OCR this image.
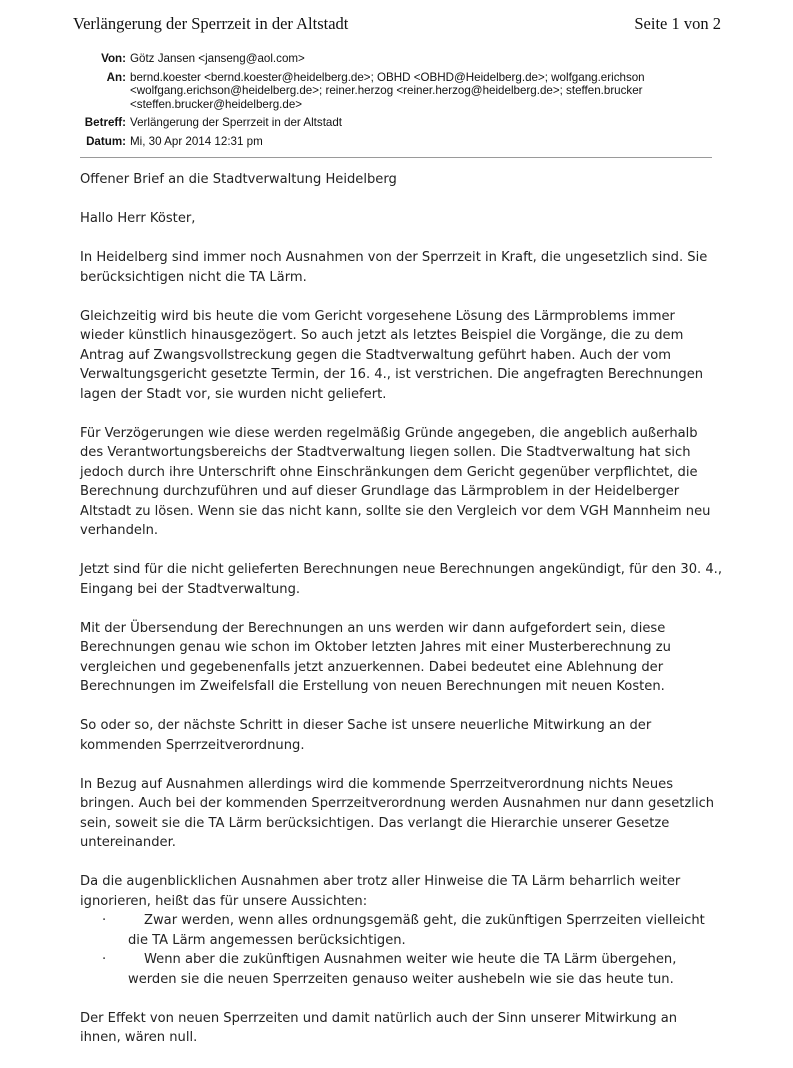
Verlängerung der Sperrzeit in der Altstadt	Seite 1 von 2
Von: Götz Jansen <janseng@aol.com>
An: bernd.koester <bernd.koester@heidelberg.de>; OBHD <OBHD@Heidelberg.de>; wolfgang.erichson
<wolfgang.erichson@heidelberg.de>; reiner.herzog <reiner.herzog@heidelberg.de>; steffen.brucker
<steffen.brucker@heidelberg.de>
Betreff: Verlängerung der Sperrzeit in der Altstadt
Datum: Mi, 30 Apr 2014 12:31 pm

Offener Brief an die Stadtverwaltung Heidelberg

Hallo Herr Köster,

In Heidelberg sind immer noch Ausnahmen von der Sperrzeit in Kraft, die ungesetzlich sind. Sie
berücksichtigen nicht die TA Lärm.

Gleichzeitig wird bis heute die vom Gericht vorgesehene Lösung des Lärmproblems immer
wieder künstlich hinausgezögert. So auch jetzt als letztes Beispiel die Vorgänge, die zu dem
Antrag auf Zwangsvollstreckung gegen die Stadtverwaltung geführt haben. Auch der vom
Verwaltungsgericht gesetzte Termin, der 16. 4., ist verstrichen. Die angefragten Berechnungen
lagen der Stadt vor, sie wurden nicht geliefert.

Für Verzögerungen wie diese werden regelmäßig Gründe angegeben, die angeblich außerhalb
des Verantwortungsbereichs der Stadtverwaltung liegen sollen. Die Stadtverwaltung hat sich
jedoch durch ihre Unterschrift ohne Einschränkungen dem Gericht gegenüber verpflichtet, die
Berechnung durchzuführen und auf dieser Grundlage das Lärmproblem in der Heidelberger
Altstadt zu lösen. Wenn sie das nicht kann, sollte sie den Vergleich vor dem VGH Mannheim neu
verhandeln.

Jetzt sind für die nicht gelieferten Berechnungen neue Berechnungen angekündigt, für den 30. 4.,
Eingang bei der Stadtverwaltung.

Mit der Übersendung der Berechnungen an uns werden wir dann aufgefordert sein, diese
Berechnungen genau wie schon im Oktober letzten Jahres mit einer Musterberechnung zu
vergleichen und gegebenenfalls jetzt anzuerkennen. Dabei bedeutet eine Ablehnung der
Berechnungen im Zweifelsfall die Erstellung von neuen Berechnungen mit neuen Kosten.

So oder so, der nächste Schritt in dieser Sache ist unsere neuerliche Mitwirkung an der
kommenden Sperrzeitverordnung.

In Bezug auf Ausnahmen allerdings wird die kommende Sperrzeitverordnung nichts Neues
bringen. Auch bei der kommenden Sperrzeitverordnung werden Ausnahmen nur dann gesetzlich
sein, soweit sie die TA Lärm berücksichtigen. Das verlangt die Hierarchie unserer Gesetze
untereinander.

Da die augenblicklichen Ausnahmen aber trotz aller Hinweise die TA Lärm beharrlich weiter
ignorieren, heißt das für unsere Aussichten:

·	Zwar werden, wenn alles ordnungsgemäß geht, die zukünftigen Sperrzeiten vielleicht
die TA Lärm angemessen berücksichtigen.
·	Wenn aber die zukünftigen Ausnahmen weiter wie heute die TA Lärm übergehen,
werden sie die neuen Sperrzeiten genauso weiter aushebeln wie sie das heute tun.

Der Effekt von neuen Sperrzeiten und damit natürlich auch der Sinn unserer Mitwirkung an
ihnen, wären null.
